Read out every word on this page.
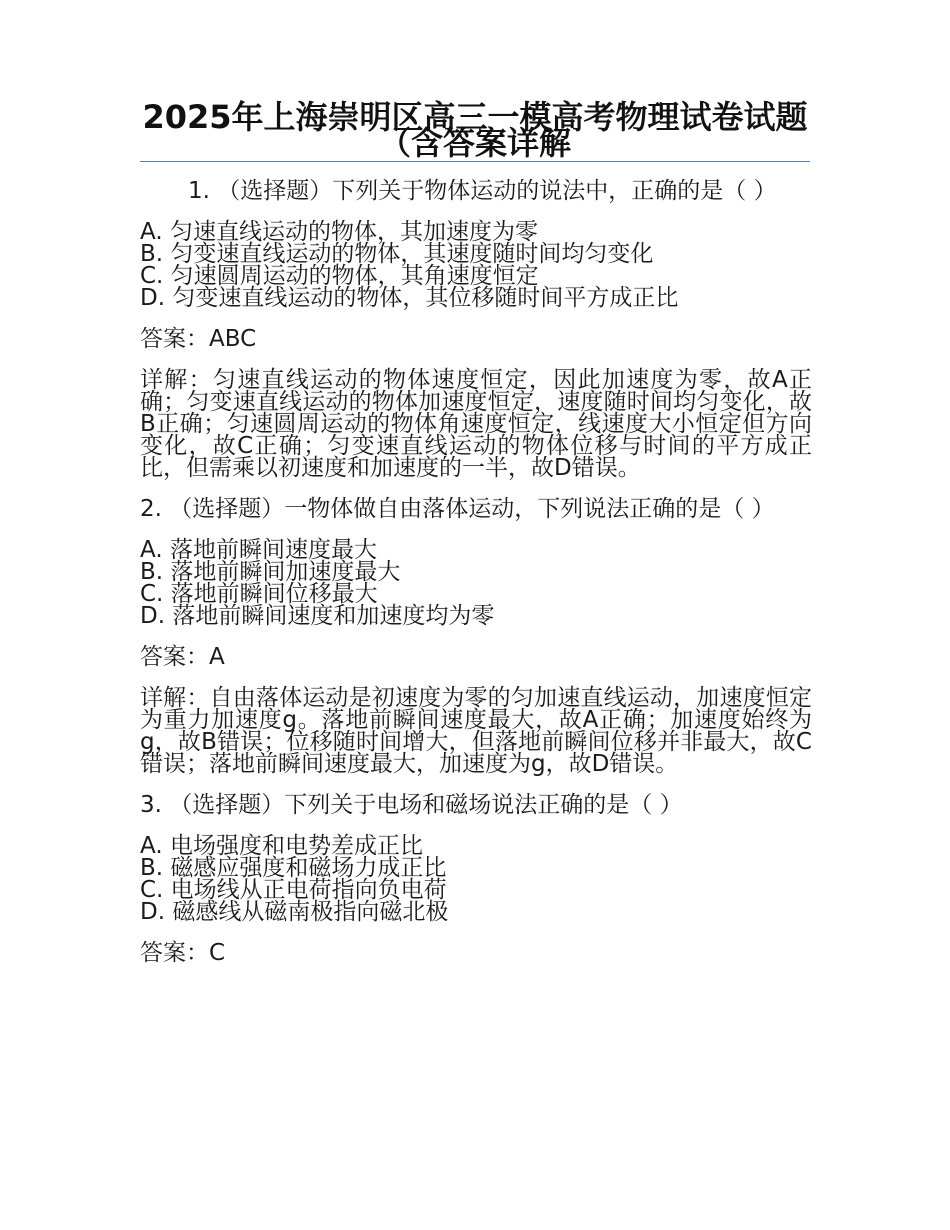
2025年上海崇明区高三一模高考物理试卷试题（含答案详解
1. （选择题）下列关于物体运动的说法中，正确的是（ ）
A. 匀速直线运动的物体，其加速度为零
B. 匀变速直线运动的物体，其速度随时间均匀变化
C. 匀速圆周运动的物体，其角速度恒定
D. 匀变速直线运动的物体，其位移随时间平方成正比
答案：ABC
详解：匀速直线运动的物体速度恒定，因此加速度为零，故A正确；匀变速直线运动的物体加速度恒定，速度随时间均匀变化，故B正确；匀速圆周运动的物体角速度恒定，线速度大小恒定但方向变化，故C正确；匀变速直线运动的物体位移与时间的平方成正比，但需乘以初速度和加速度的一半，故D错误。
2. （选择题）一物体做自由落体运动，下列说法正确的是（ ）
A. 落地前瞬间速度最大
B. 落地前瞬间加速度最大
C. 落地前瞬间位移最大
D. 落地前瞬间速度和加速度均为零
答案：A
详解：自由落体运动是初速度为零的匀加速直线运动，加速度恒定为重力加速度g。落地前瞬间速度最大，故A正确；加速度始终为g，故B错误；位移随时间增大，但落地前瞬间位移并非最大，故C错误；落地前瞬间速度最大，加速度为g，故D错误。
3. （选择题）下列关于电场和磁场说法正确的是（ ）
A. 电场强度和电势差成正比
B. 磁感应强度和磁场力成正比
C. 电场线从正电荷指向负电荷
D. 磁感线从磁南极指向磁北极
答案：C
